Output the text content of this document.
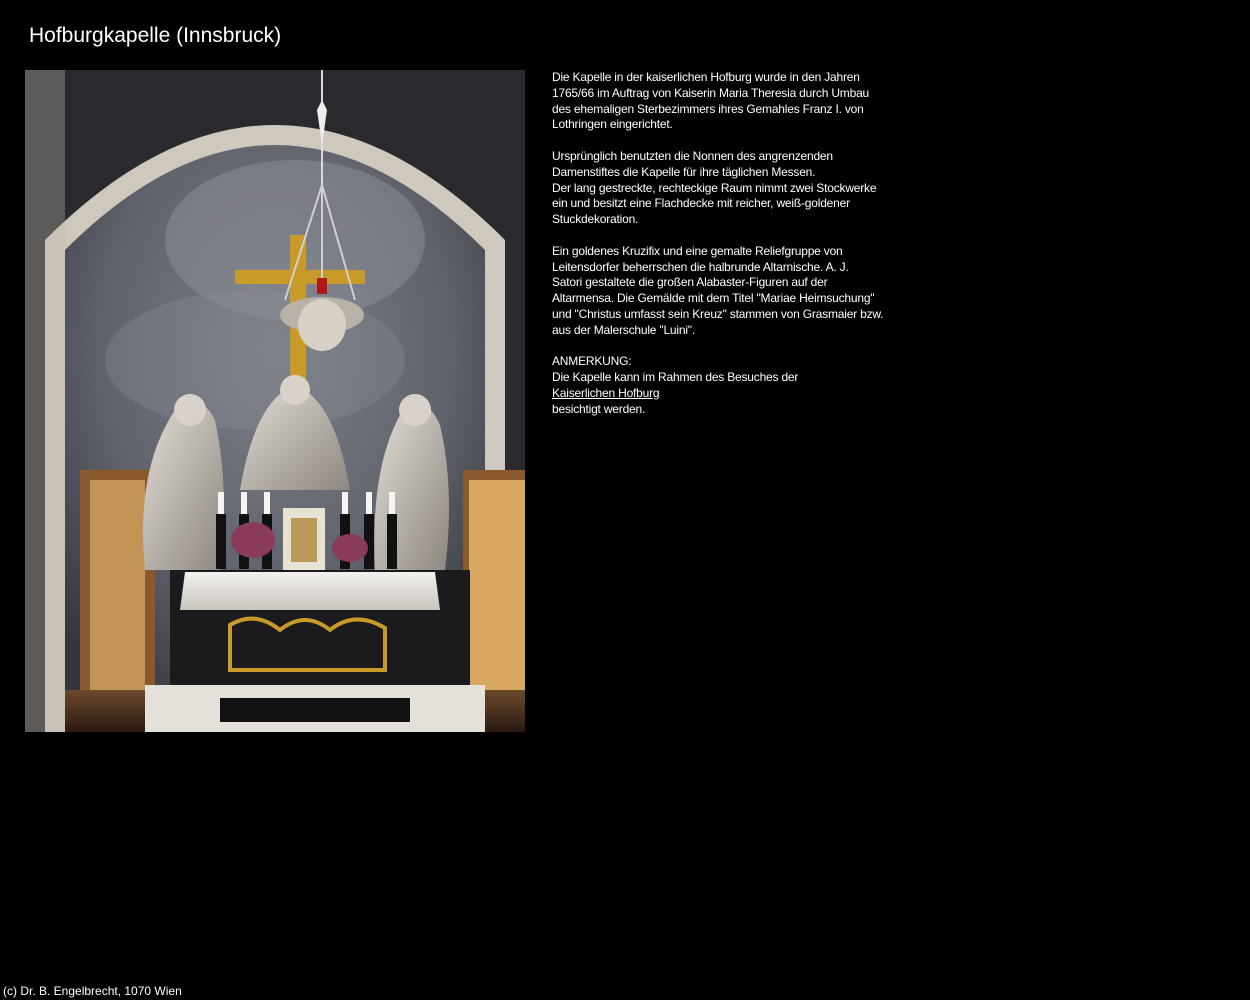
Hofburgkapelle (Innsbruck)

Die Kapelle in der kaiserlichen Hofburg wurde in den Jahren
1765/66 im Auftrag von Kaiserin Maria Theresia durch Umbau
des ehemaligen Sterbezimmers ihres Gemahles Franz I. von
Lothringen eingerichtet.

Ursprünglich benutzten die Nonnen des angrenzenden
Damenstiftes die Kapelle für ihre täglichen Messen.
Der lang gestreckte, rechteckige Raum nimmt zwei Stockwerke
ein und besitzt eine Flachdecke mit reicher, weiß-goldener
Stuckdekoration.

Ein goldenes Kruzifix und eine gemalte Reliefgruppe von
Leitensdorfer beherrschen die halbrunde Altarnische. A. J.
Satori gestaltete die großen Alabaster-Figuren auf der
Altarmensa. Die Gemälde mit dem Titel "Mariae Heimsuchung"
und "Christus umfasst sein Kreuz" stammen von Grasmaier bzw.
aus der Malerschule "Luini".

ANMERKUNG:
Die Kapelle kann im Rahmen des Besuches der
Kaiserlichen Hofburg
besichtigt werden.

(c) Dr. B. Engelbrecht, 1070 Wien
